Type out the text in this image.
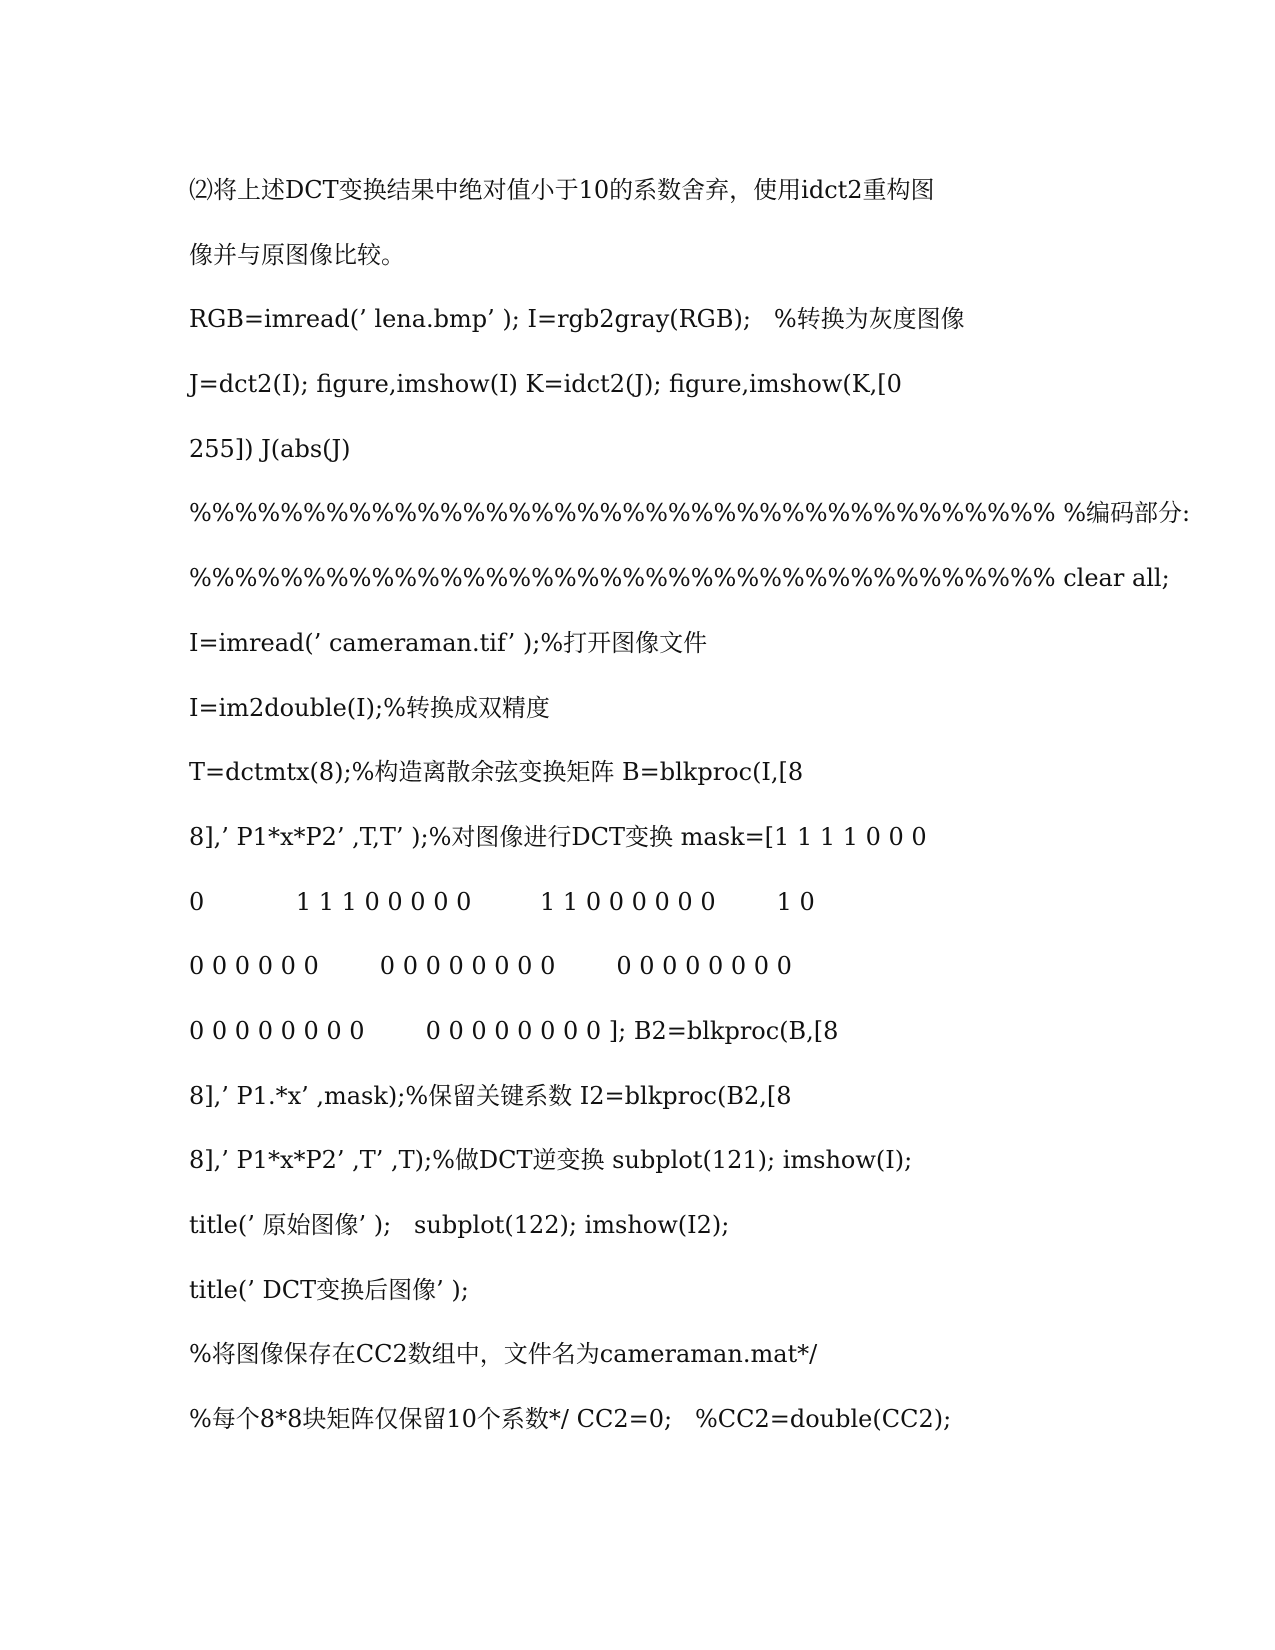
⑵将上述DCT变换结果中绝对值小于10的系数舍弃，使用idct2重构图
像并与原图像比较。
RGB=imread(’ lena.bmp’ ); I=rgb2gray(RGB);   %转换为灰度图像
J=dct2(I); figure,imshow(I) K=idct2(J); figure,imshow(K,[0
255]) J(abs(J)
%%%%%%%%%%%%%%%%%%%%%%%%%%%%%%%%%%%%%% %编码部分:
%%%%%%%%%%%%%%%%%%%%%%%%%%%%%%%%%%%%%% clear all;
I=imread(’ cameraman.tif’ );%打开图像文件
I=im2double(I);%转换成双精度
T=dctmtx(8);%构造离散余弦变换矩阵 B=blkproc(I,[8
8],’ P1*x*P2’ ,T,T’ );%对图像进行DCT变换 mask=[1 1 1 1 0 0 0
0            1 1 1 0 0 0 0 0         1 1 0 0 0 0 0 0        1 0
0 0 0 0 0 0        0 0 0 0 0 0 0 0        0 0 0 0 0 0 0 0
0 0 0 0 0 0 0 0        0 0 0 0 0 0 0 0 ]; B2=blkproc(B,[8
8],’ P1.*x’ ,mask);%保留关键系数 I2=blkproc(B2,[8
8],’ P1*x*P2’ ,T’ ,T);%做DCT逆变换 subplot(121); imshow(I);
title(’ 原始图像’ );   subplot(122); imshow(I2);
title(’ DCT变换后图像’ );
%将图像保存在CC2数组中，文件名为cameraman.mat*/
%每个8*8块矩阵仅保留10个系数*/ CC2=0;   %CC2=double(CC2);
